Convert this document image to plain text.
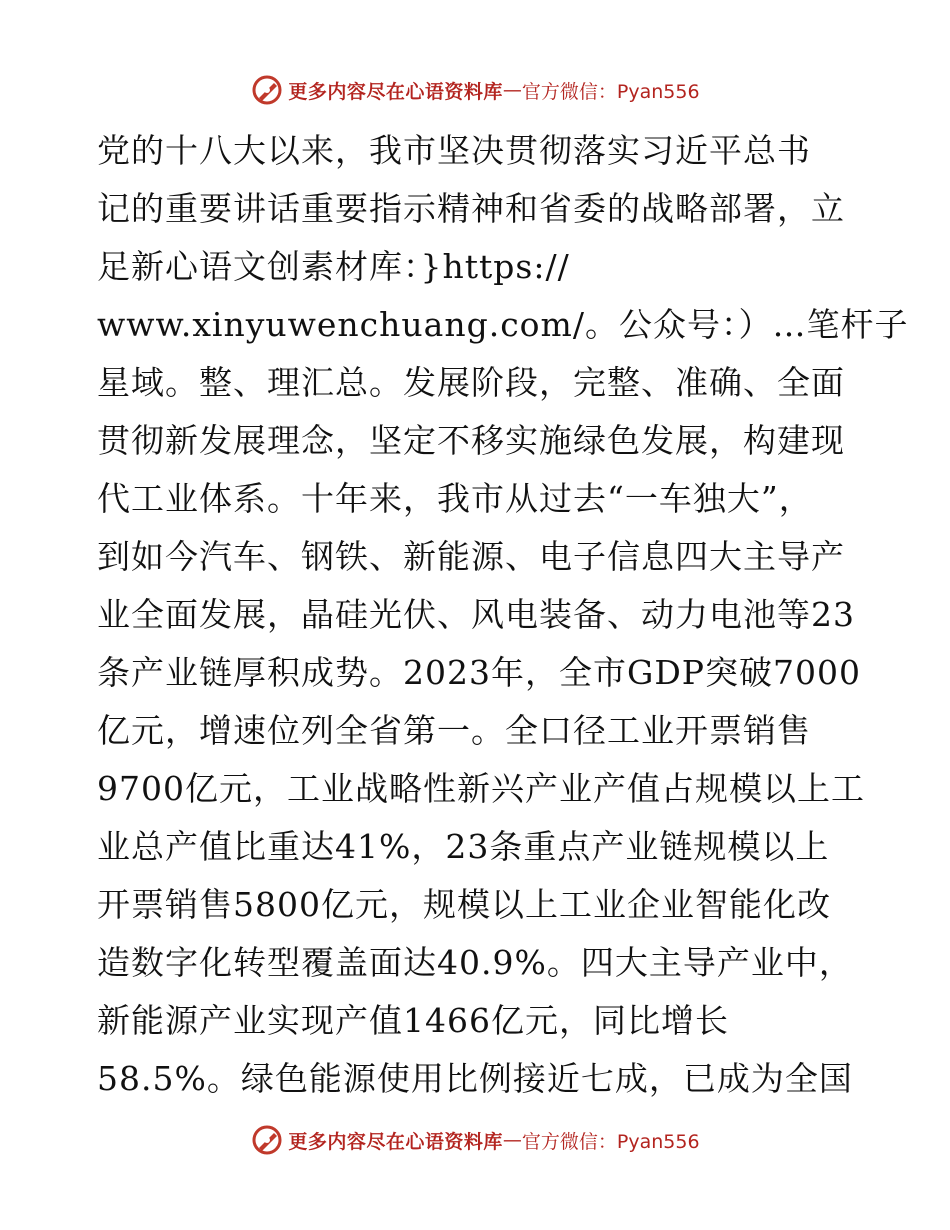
更多内容尽在心语资料库 — 官方微信：Pyan556
党的十八大以来，我市坚决贯彻落实习近平总书
记的重要讲话重要指示精神和省委的战略部署，立
足新心语文创素材库：}https://
www.xinyuwenchuang.com/。公众号：）…笔杆子
星域。整、理汇总。发展阶段，完整、准确、全面
贯彻新发展理念，坚定不移实施绿色发展，构建现
代工业体系。十年来，我市从过去“一车独大”，
到如今汽车、钢铁、新能源、电子信息四大主导产
业全面发展，晶硅光伏、风电装备、动力电池等23
条产业链厚积成势。2023年，全市GDP突破7000
亿元，增速位列全省第一。全口径工业开票销售
9700亿元，工业战略性新兴产业产值占规模以上工
业总产值比重达41%，23条重点产业链规模以上
开票销售5800亿元，规模以上工业企业智能化改
造数字化转型覆盖面达40.9%。四大主导产业中，
新能源产业实现产值1466亿元，同比增长
58.5%。绿色能源使用比例接近七成，已成为全国
更多内容尽在心语资料库 — 官方微信：Pyan556
